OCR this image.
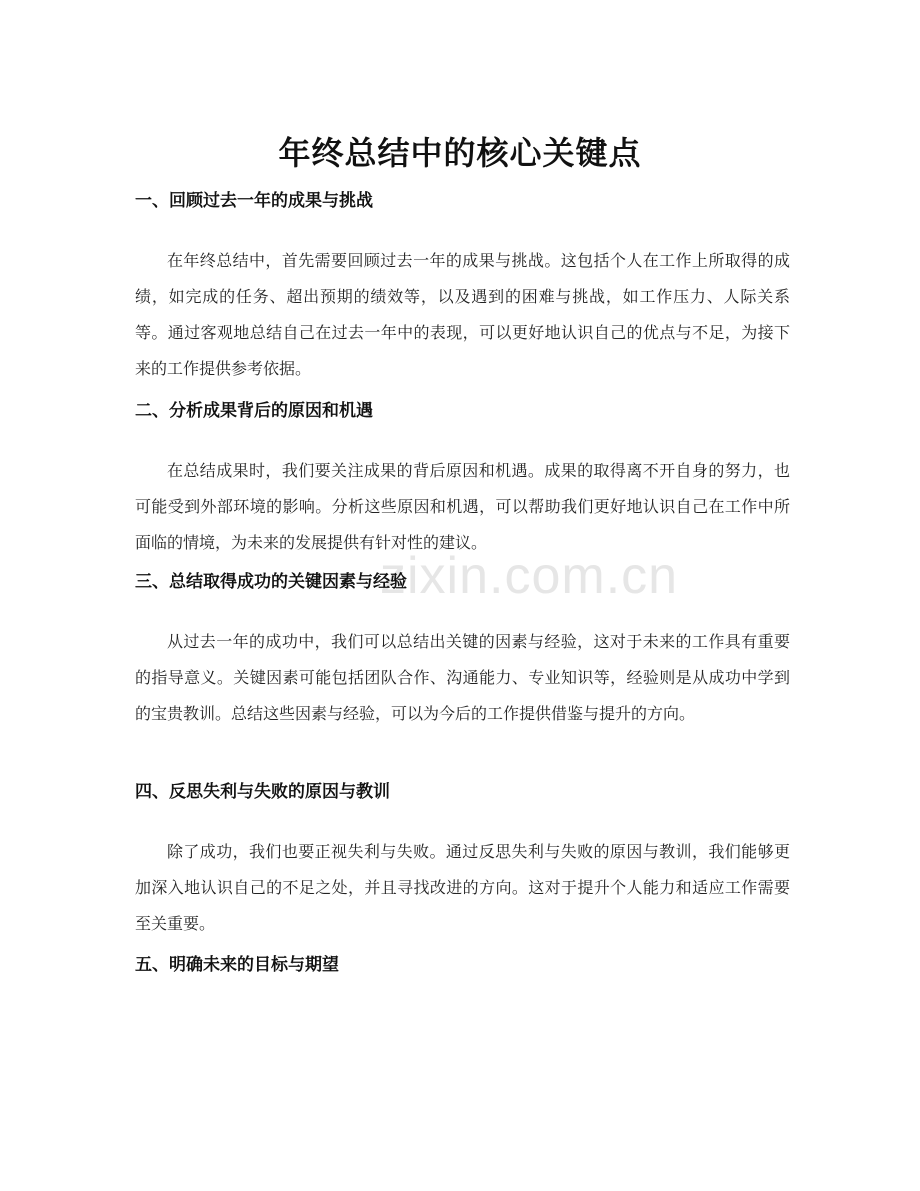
zixin.com.cn
年终总结中的核心关键点
一、回顾过去一年的成果与挑战

在年终总结中，首先需要回顾过去一年的成果与挑战。这包括个人在工作上所取得的成绩，如完成的任务、超出预期的绩效等，以及遇到的困难与挑战，如工作压力、人际关系等。通过客观地总结自己在过去一年中的表现，可以更好地认识自己的优点与不足，为接下来的工作提供参考依据。

二、分析成果背后的原因和机遇

在总结成果时，我们要关注成果的背后原因和机遇。成果的取得离不开自身的努力，也可能受到外部环境的影响。分析这些原因和机遇，可以帮助我们更好地认识自己在工作中所面临的情境，为未来的发展提供有针对性的建议。

三、总结取得成功的关键因素与经验

从过去一年的成功中，我们可以总结出关键的因素与经验，这对于未来的工作具有重要的指导意义。关键因素可能包括团队合作、沟通能力、专业知识等，经验则是从成功中学到的宝贵教训。总结这些因素与经验，可以为今后的工作提供借鉴与提升的方向。

四、反思失利与失败的原因与教训

除了成功，我们也要正视失利与失败。通过反思失利与失败的原因与教训，我们能够更加深入地认识自己的不足之处，并且寻找改进的方向。这对于提升个人能力和适应工作需要至关重要。

五、明确未来的目标与期望
